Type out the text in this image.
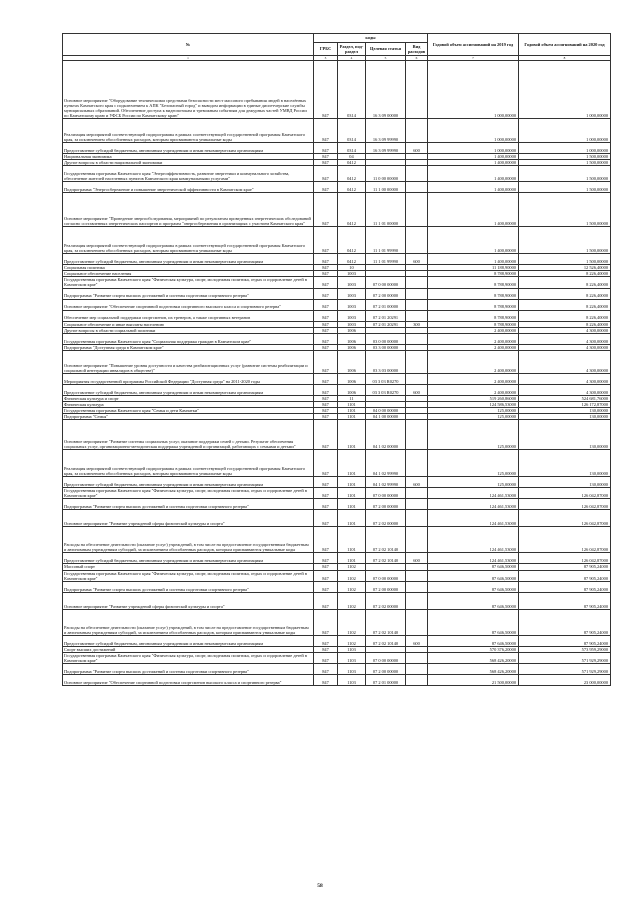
№	коды				Годовой объем ассигнований на 2019 год	Годовой объем ассигнований на 2020 год
	ГРБС	Раздел, под-раздел	Целевая статья	Вид расходов		
1	3	4	5	6	7	8
Основное мероприятие "Оборудование техническими средствами безопасности мест массового пребывания людей в населённых пунктах Камчатского края с подключением к АПК "Безопасный город" и выводом информации в единые диспетчерские службы муниципальных образований. Обеспечение доступа к видеопотокам и тревожным событиям для дежурных частей УМВД России по Камчатскому краю и УФСБ России по Камчатскому краю"	847	0314	16 3 09 00000		1 000,00000	1 000,00000
Реализация мероприятий соответствующей подпрограммы в рамках соответствующей государственной программы Камчатского края, за исключением обособленных расходов, которым присваиваются уникальные коды	847	0314	16 3 09 99990		1 000,00000	1 000,00000
Предоставление субсидий бюджетным, автономным учреждениям и иным некоммерческим организациям	847	0314	16 3 09 99990	600	1 000,00000	1 000,00000
Национальная экономика	847	04			1 400,00000	1 500,00000
Другие вопросы в области национальной экономики	847	0412			1 400,00000	1 500,00000
Государственная программа Камчатского края "Энергоэффективность, развитие энергетики и коммунального хозяйства, обеспечение жителей населенных пунктов Камчатского края коммунальными услугами"	847	0412	11 0 00 00000		1 400,00000	1 500,00000
Подпрограмма "Энергосбережение и повышение энергетической эффективности в Камчатском крае"	847	0412	11 1 00 00000		1 400,00000	1 500,00000
Основное мероприятие "Проведение энергообследования, мероприятий по результатам проведенных энергетических обследований согласно составленных энергетических паспортов и программ "энергосбережения в организациях с участием Камчатского края"	847	0412	11 1 01 00000		1 400,00000	1 500,00000
Реализация мероприятий соответствующей подпрограммы в рамках соответствующей государственной программы Камчатского края, за исключением обособленных расходов, которым присваиваются уникальные коды	847	0412	11 1 01 99990		1 400,00000	1 500,00000
Предоставление субсидий бюджетным, автономным учреждениям и иным некоммерческим организациям	847	0412	11 1 01 99990	600	1 400,00000	1 500,00000
Социальная политика	847	10			11 188,90000	12 526,40000
Социальное обеспечение населения	847	1003			8 788,90000	8 226,40000
Государственная программа Камчатского края "Физическая культура, спорт, молодежная политика, отдых и оздоровление детей в Камчатском крае"	847	1003	07 0 00 00000		8 788,90000	8 226,40000
Подпрограмма "Развитие спорта высших достижений и системы подготовки спортивного резерва"	847	1003	07 2 00 00000		8 788,90000	8 226,40000
Основное мероприятие "Обеспечение спортивной подготовки спортивного высокого класса и спортивного резерва"	847	1003	07 2 01 00000		8 788,90000	8 226,40000
Обеспечение мер социальной поддержки спортсменов, их тренеров, а также спортивных ветеранов	847	1003	07 2 01 20291		8 788,90000	8 226,40000
Социальное обеспечение и иные выплаты населению	847	1003	07 2 01 20291	300	8 788,90000	8 226,40000
Другие вопросы в области социальной политики	847	1006			2 400,00000	4 300,00000
Государственная программа Камчатского края "Социальная поддержка граждан в Камчатском крае"	847	1006	03 0 00 00000		2 400,00000	4 300,00000
Подпрограмма "Доступная среда в Камчатском крае"	847	1006	03 3 00 00000		2 400,00000	4 300,00000
Основное мероприятие "Повышение уровня доступности и качества реабилитационных услуг (развитие системы реабилитации и социальной интеграции инвалидов в обществе)"	847	1006	03 3 03 00000		2 400,00000	4 300,00000
Мероприятия государственной программы Российской Федерации "Доступная среда" на 2011-2020 годы	847	1006	03 3 03 R0270		2 400,00000	4 300,00000
Предоставление субсидий бюджетным, автономным учреждениям и иным некоммерческим организациям	847	1006	03 3 03 R0270	600	2 400,00000	4 300,00000
Физическая культура и спорт	847	11			519 260,86000	524 681,76000
Физическая культура	847	1101			124 586,53000	126 172,87000
Государственная программа Камчатского края "Семья и дети Камчатки"	847	1101	04 0 00 00000		125,00000	130,00000
Подпрограмма "Семья"	847	1101	04 1 00 00000		125,00000	130,00000
Основное мероприятие "Развитие системы социальных услуг, оказание поддержки семей с детьми. Результат обеспечения социальных услуг, организационно-методическая поддержка учреждений и организаций, работающих с семьями и детьми"	847	1101	04 1 02 00000		125,00000	130,00000
Реализация мероприятий соответствующей подпрограммы в рамках соответствующей государственной программы Камчатского края, за исключением обособленных расходов, которым присваиваются уникальные коды	847	1101	04 1 02 99990		125,00000	130,00000
Предоставление субсидий бюджетным, автономным учреждениям и иным некоммерческим организациям	847	1101	04 1 02 99990	600	125,00000	130,00000
Государственная программа Камчатского края "Физическая культура, спорт, молодежная политика, отдых и оздоровление детей в Камчатском крае"	847	1101	07 0 00 00000		124 461,53000	126 042,87000
Подпрограмма "Развитие спорта высших достижений и системы подготовки спортивного резерва"	847	1101	07 2 00 00000		124 461,53000	126 042,87000
Основное мероприятие "Развитие учреждений сферы физической культуры и спорта"	847	1101	07 2 02 00000		124 461,53000	126 042,87000
Расходы на обеспечение деятельности (оказание услуг) учреждений, в том числе на предоставление государственным бюджетным и автономным учреждениям субсидий, за исключением обособленных расходов, которым присваиваются уникальные коды	847	1101	07 2 02 10140		124 461,53000	126 042,87000
Предоставление субсидий бюджетным, автономным учреждениям и иным некоммерческим организациям	847	1101	07 2 02 10140	600	124 461,53000	126 042,87000
Массовый спорт	847	1102			87 646,50000	87 905,24000
Государственная программа Камчатского края "Физическая культура, спорт, молодежная политика, отдых и оздоровление детей в Камчатском крае"	847	1102	07 0 00 00000		87 646,50000	87 905,24000
Подпрограмма "Развитие спорта высших достижений и системы подготовки спортивного резерва"	847	1102	07 2 00 00000		87 646,50000	87 905,24000
Основное мероприятие "Развитие учреждений сферы физической культуры и спорта"	847	1102	07 2 02 00000		87 646,50000	87 905,24000
Расходы на обеспечение деятельности (оказание услуг) учреждений, в том числе на предоставление государственным бюджетным и автономным учреждениям субсидий, за исключением обособленных расходов, которым присваиваются уникальные коды	847	1102	07 2 02 10140		87 646,50000	87 905,24000
Предоставление субсидий бюджетным, автономным учреждениям и иным некоммерческим организациям	847	1102	07 2 02 10140	600	87 646,50000	87 905,24000
Спорт высших достижений	847	1103			570 376,20000	573 959,29000
Государственная программа Камчатского края "Физическая культура, спорт, молодежная политика, отдых и оздоровление детей в Камчатском крае"	847	1103	07 0 00 00000		568 426,20000	571 929,29000
Подпрограмма "Развитие спорта высших достижений и системы подготовки спортивного резерва"	847	1103	07 2 00 00000		568 426,20000	571 929,29000
Основное мероприятие "Обеспечение спортивной подготовки спортсменов высокого класса и спортивного резерва"	847	1103	07 2 01 00000		21 500,00000	23 000,00000
58
